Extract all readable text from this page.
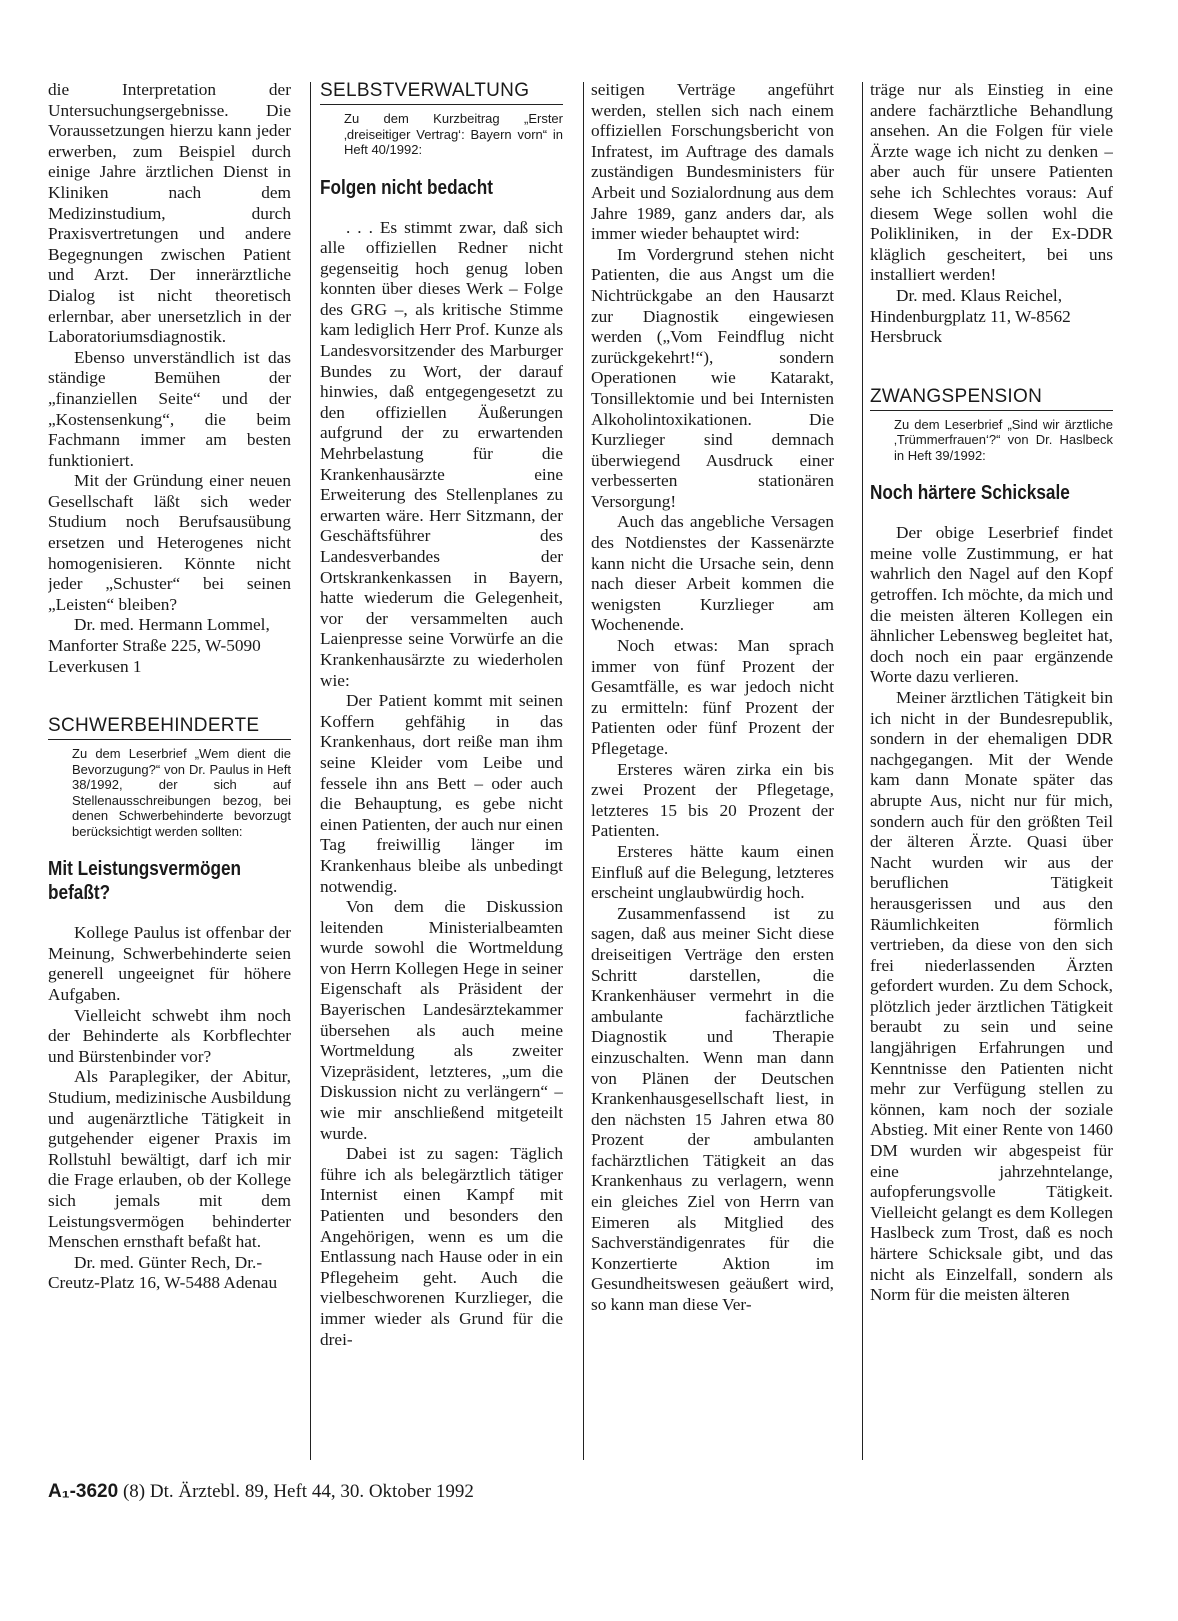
die Interpretation der Untersuchungsergebnisse. Die Voraussetzungen hierzu kann jeder erwerben, zum Beispiel durch einige Jahre ärztlichen Dienst in Kliniken nach dem Medizinstudium, durch Praxisvertretungen und andere Begegnungen zwischen Patient und Arzt. Der innerärztliche Dialog ist nicht theoretisch erlernbar, aber unersetzlich in der Laboratoriumsdiagnostik.

Ebenso unverständlich ist das ständige Bemühen der „finanziellen Seite“ und der „Kostensenkung“, die beim Fachmann immer am besten funktioniert.

Mit der Gründung einer neuen Gesellschaft läßt sich weder Studium noch Berufsausübung ersetzen und Heterogenes nicht homogenisieren. Könnte nicht jeder „Schuster“ bei seinen „Leisten“ bleiben?

Dr. med. Hermann Lommel, Manforter Straße 225, W-5090 Leverkusen 1

SCHWERBEHINDERTE
Zu dem Leserbrief „Wem dient die Bevorzugung?“ von Dr. Paulus in Heft 38/1992, der sich auf Stellenausschreibungen bezog, bei denen Schwerbehinderte bevorzugt berücksichtigt werden sollten:
Mit Leistungsvermögen befaßt?

Kollege Paulus ist offenbar der Meinung, Schwerbehinderte seien generell ungeeignet für höhere Aufgaben.

Vielleicht schwebt ihm noch der Behinderte als Korbflechter und Bürstenbinder vor?

Als Paraplegiker, der Abitur, Studium, medizinische Ausbildung und augenärztliche Tätigkeit in gutgehender eigener Praxis im Rollstuhl bewältigt, darf ich mir die Frage erlauben, ob der Kollege sich jemals mit dem Leistungsvermögen behinderter Menschen ernsthaft befaßt hat.

Dr. med. Günter Rech, Dr.-Creutz-Platz 16, W-5488 Adenau

SELBSTVERWALTUNG
Zu dem Kurzbeitrag „Erster ‚dreiseitiger Vertrag‘: Bayern vorn“ in Heft 40/1992:
Folgen nicht bedacht

. . . Es stimmt zwar, daß sich alle offiziellen Redner nicht gegenseitig hoch genug loben konnten über dieses Werk – Folge des GRG –, als kritische Stimme kam lediglich Herr Prof. Kunze als Landesvorsitzender des Marburger Bundes zu Wort, der darauf hinwies, daß entgegengesetzt zu den offiziellen Äußerungen aufgrund der zu erwartenden Mehrbelastung für die Krankenhausärzte eine Erweiterung des Stellenplanes zu erwarten wäre. Herr Sitzmann, der Geschäftsführer des Landesverbandes der Ortskrankenkassen in Bayern, hatte wiederum die Gelegenheit, vor der versammelten auch Laienpresse seine Vorwürfe an die Krankenhausärzte zu wiederholen wie:

Der Patient kommt mit seinen Koffern gehfähig in das Krankenhaus, dort reiße man ihm seine Kleider vom Leibe und fessele ihn ans Bett – oder auch die Behauptung, es gebe nicht einen Patienten, der auch nur einen Tag freiwillig länger im Krankenhaus bleibe als unbedingt notwendig.

Von dem die Diskussion leitenden Ministerialbeamten wurde sowohl die Wortmeldung von Herrn Kollegen Hege in seiner Eigenschaft als Präsident der Bayerischen Landesärztekammer übersehen als auch meine Wortmeldung als zweiter Vizepräsident, letzteres, „um die Diskussion nicht zu verlängern“ – wie mir anschließend mitgeteilt wurde.

Dabei ist zu sagen: Täglich führe ich als belegärztlich tätiger Internist einen Kampf mit Patienten und besonders den Angehörigen, wenn es um die Entlassung nach Hause oder in ein Pflegeheim geht. Auch die vielbeschworenen Kurzlieger, die immer wieder als Grund für die drei-

seitigen Verträge angeführt werden, stellen sich nach einem offiziellen Forschungsbericht von Infratest, im Auftrage des damals zuständigen Bundesministers für Arbeit und Sozialordnung aus dem Jahre 1989, ganz anders dar, als immer wieder behauptet wird:

Im Vordergrund stehen nicht Patienten, die aus Angst um die Nichtrückgabe an den Hausarzt zur Diagnostik eingewiesen werden („Vom Feindflug nicht zurückgekehrt!“), sondern Operationen wie Katarakt, Tonsillektomie und bei Internisten Alkoholintoxikationen. Die Kurzlieger sind demnach überwiegend Ausdruck einer verbesserten stationären Versorgung!

Auch das angebliche Versagen des Notdienstes der Kassenärzte kann nicht die Ursache sein, denn nach dieser Arbeit kommen die wenigsten Kurzlieger am Wochenende.

Noch etwas: Man sprach immer von fünf Prozent der Gesamtfälle, es war jedoch nicht zu ermitteln: fünf Prozent der Patienten oder fünf Prozent der Pflegetage.

Ersteres wären zirka ein bis zwei Prozent der Pflegetage, letzteres 15 bis 20 Prozent der Patienten.

Ersteres hätte kaum einen Einfluß auf die Belegung, letzteres erscheint unglaubwürdig hoch.

Zusammenfassend ist zu sagen, daß aus meiner Sicht diese dreiseitigen Verträge den ersten Schritt darstellen, die Krankenhäuser vermehrt in die ambulante fachärztliche Diagnostik und Therapie einzuschalten. Wenn man dann von Plänen der Deutschen Krankenhausgesellschaft liest, in den nächsten 15 Jahren etwa 80 Prozent der ambulanten fachärztlichen Tätigkeit an das Krankenhaus zu verlagern, wenn ein gleiches Ziel von Herrn van Eimeren als Mitglied des Sachverständigenrates für die Konzertierte Aktion im Gesundheitswesen geäußert wird, so kann man diese Ver-

träge nur als Einstieg in eine andere fachärztliche Behandlung ansehen. An die Folgen für viele Ärzte wage ich nicht zu denken – aber auch für unsere Patienten sehe ich Schlechtes voraus: Auf diesem Wege sollen wohl die Polikliniken, in der Ex-DDR kläglich gescheitert, bei uns installiert werden!

Dr. med. Klaus Reichel, Hindenburgplatz 11, W-8562 Hersbruck

ZWANGSPENSION
Zu dem Leserbrief „Sind wir ärztliche ‚Trümmerfrauen‘?“ von Dr. Haslbeck in Heft 39/1992:
Noch härtere Schicksale

Der obige Leserbrief findet meine volle Zustimmung, er hat wahrlich den Nagel auf den Kopf getroffen. Ich möchte, da mich und die meisten älteren Kollegen ein ähnlicher Lebensweg begleitet hat, doch noch ein paar ergänzende Worte dazu verlieren.

Meiner ärztlichen Tätigkeit bin ich nicht in der Bundesrepublik, sondern in der ehemaligen DDR nachgegangen. Mit der Wende kam dann Monate später das abrupte Aus, nicht nur für mich, sondern auch für den größten Teil der älteren Ärzte. Quasi über Nacht wurden wir aus der beruflichen Tätigkeit herausgerissen und aus den Räumlichkeiten förmlich vertrieben, da diese von den sich frei niederlassenden Ärzten gefordert wurden. Zu dem Schock, plötzlich jeder ärztlichen Tätigkeit beraubt zu sein und seine langjährigen Erfahrungen und Kenntnisse den Patienten nicht mehr zur Verfügung stellen zu können, kam noch der soziale Abstieg. Mit einer Rente von 1460 DM wurden wir abgespeist für eine jahrzehntelange, aufopferungsvolle Tätigkeit. Vielleicht gelangt es dem Kollegen Haslbeck zum Trost, daß es noch härtere Schicksale gibt, und das nicht als Einzelfall, sondern als Norm für die meisten älteren

A₁-3620 (8) Dt. Ärztebl. 89, Heft 44, 30. Oktober 1992
